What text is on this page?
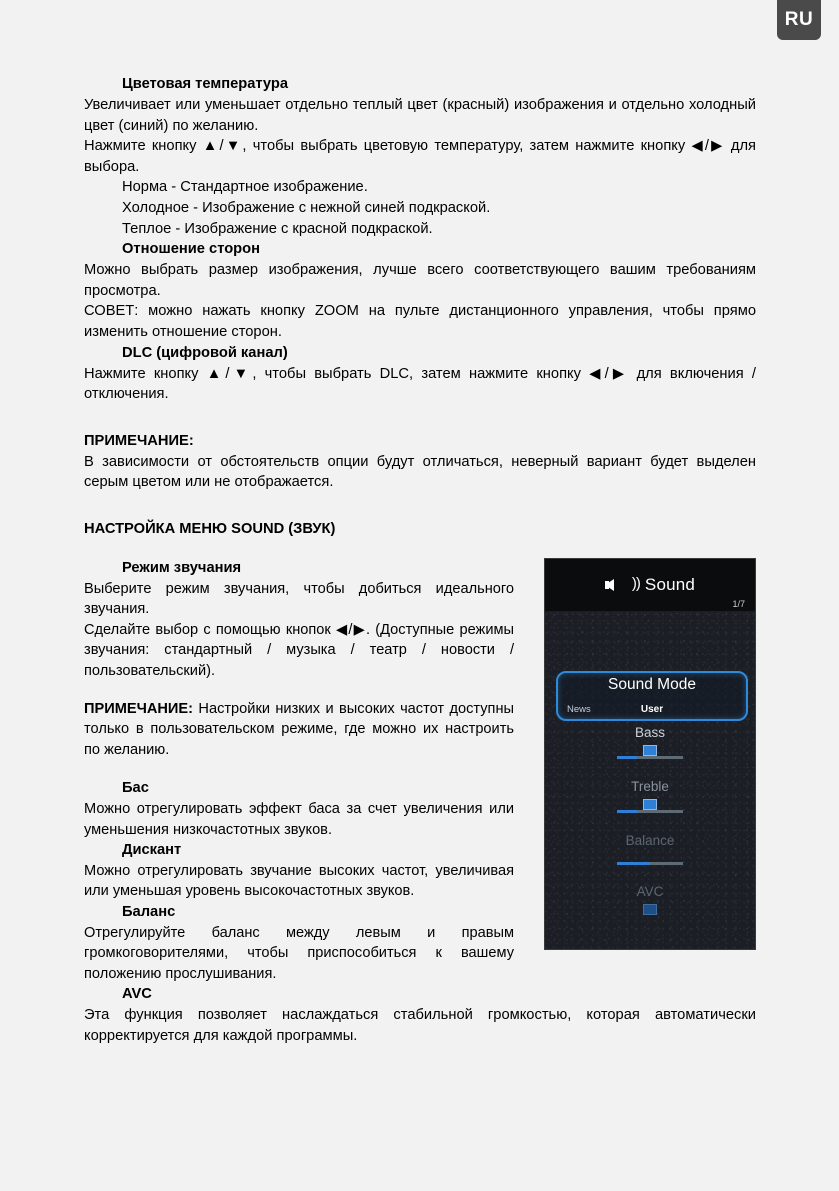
RU
Цветовая температура

Увеличивает или уменьшает отдельно теплый цвет (красный) изображения и отдельно холодный цвет (синий) по желанию.

Нажмите кнопку ▲/▼, чтобы выбрать цветовую температуру, затем нажмите кнопку ◀/▶ для выбора.

Норма - Стандартное изображение.

Холодное - Изображение с нежной синей подкраской.

Теплое - Изображение с красной подкраской.

Отношение сторон

Можно выбрать размер изображения, лучше всего соответствующего вашим требованиям просмотра.

СОВЕТ: можно нажать кнопку ZOOM на пульте дистанционного управления, чтобы прямо изменить отношение сторон.

DLC (цифровой канал)

Нажмите кнопку ▲/▼, чтобы выбрать DLC, затем нажмите кнопку ◀/▶ для включения / отключения.

ПРИМЕЧАНИЕ:

В зависимости от обстоятельств опции будут отличаться, неверный вариант будет выделен серым цветом или не отображается.

НАСТРОЙКА МЕНЮ SOUND (ЗВУК)
)) Sound
1/7
Sound Mode
News	User
Bass
Treble
Balance
AVC
Режим звучания

Выберите режим звучания, чтобы добиться идеального звучания.

Сделайте выбор с помощью кнопок ◀/▶. (Доступные режимы звучания: стандартный / музыка / театр / новости / пользовательский).

ПРИМЕЧАНИЕ: Настройки низких и высоких частот доступны только в пользовательском режиме, где можно их настроить по желанию.

Бас

Можно отрегулировать эффект баса за счет увеличения или уменьшения низкочастотных звуков.

Дискант

Можно отрегулировать звучание высоких частот, увеличивая или уменьшая уровень высокочастотных звуков.

Баланс

Отрегулируйте баланс между левым и правым громкоговорителями, чтобы приспособиться к вашему положению прослушивания.

AVC

Эта функция позволяет наслаждаться стабильной громкостью, которая автоматически корректируется для каждой программы.
